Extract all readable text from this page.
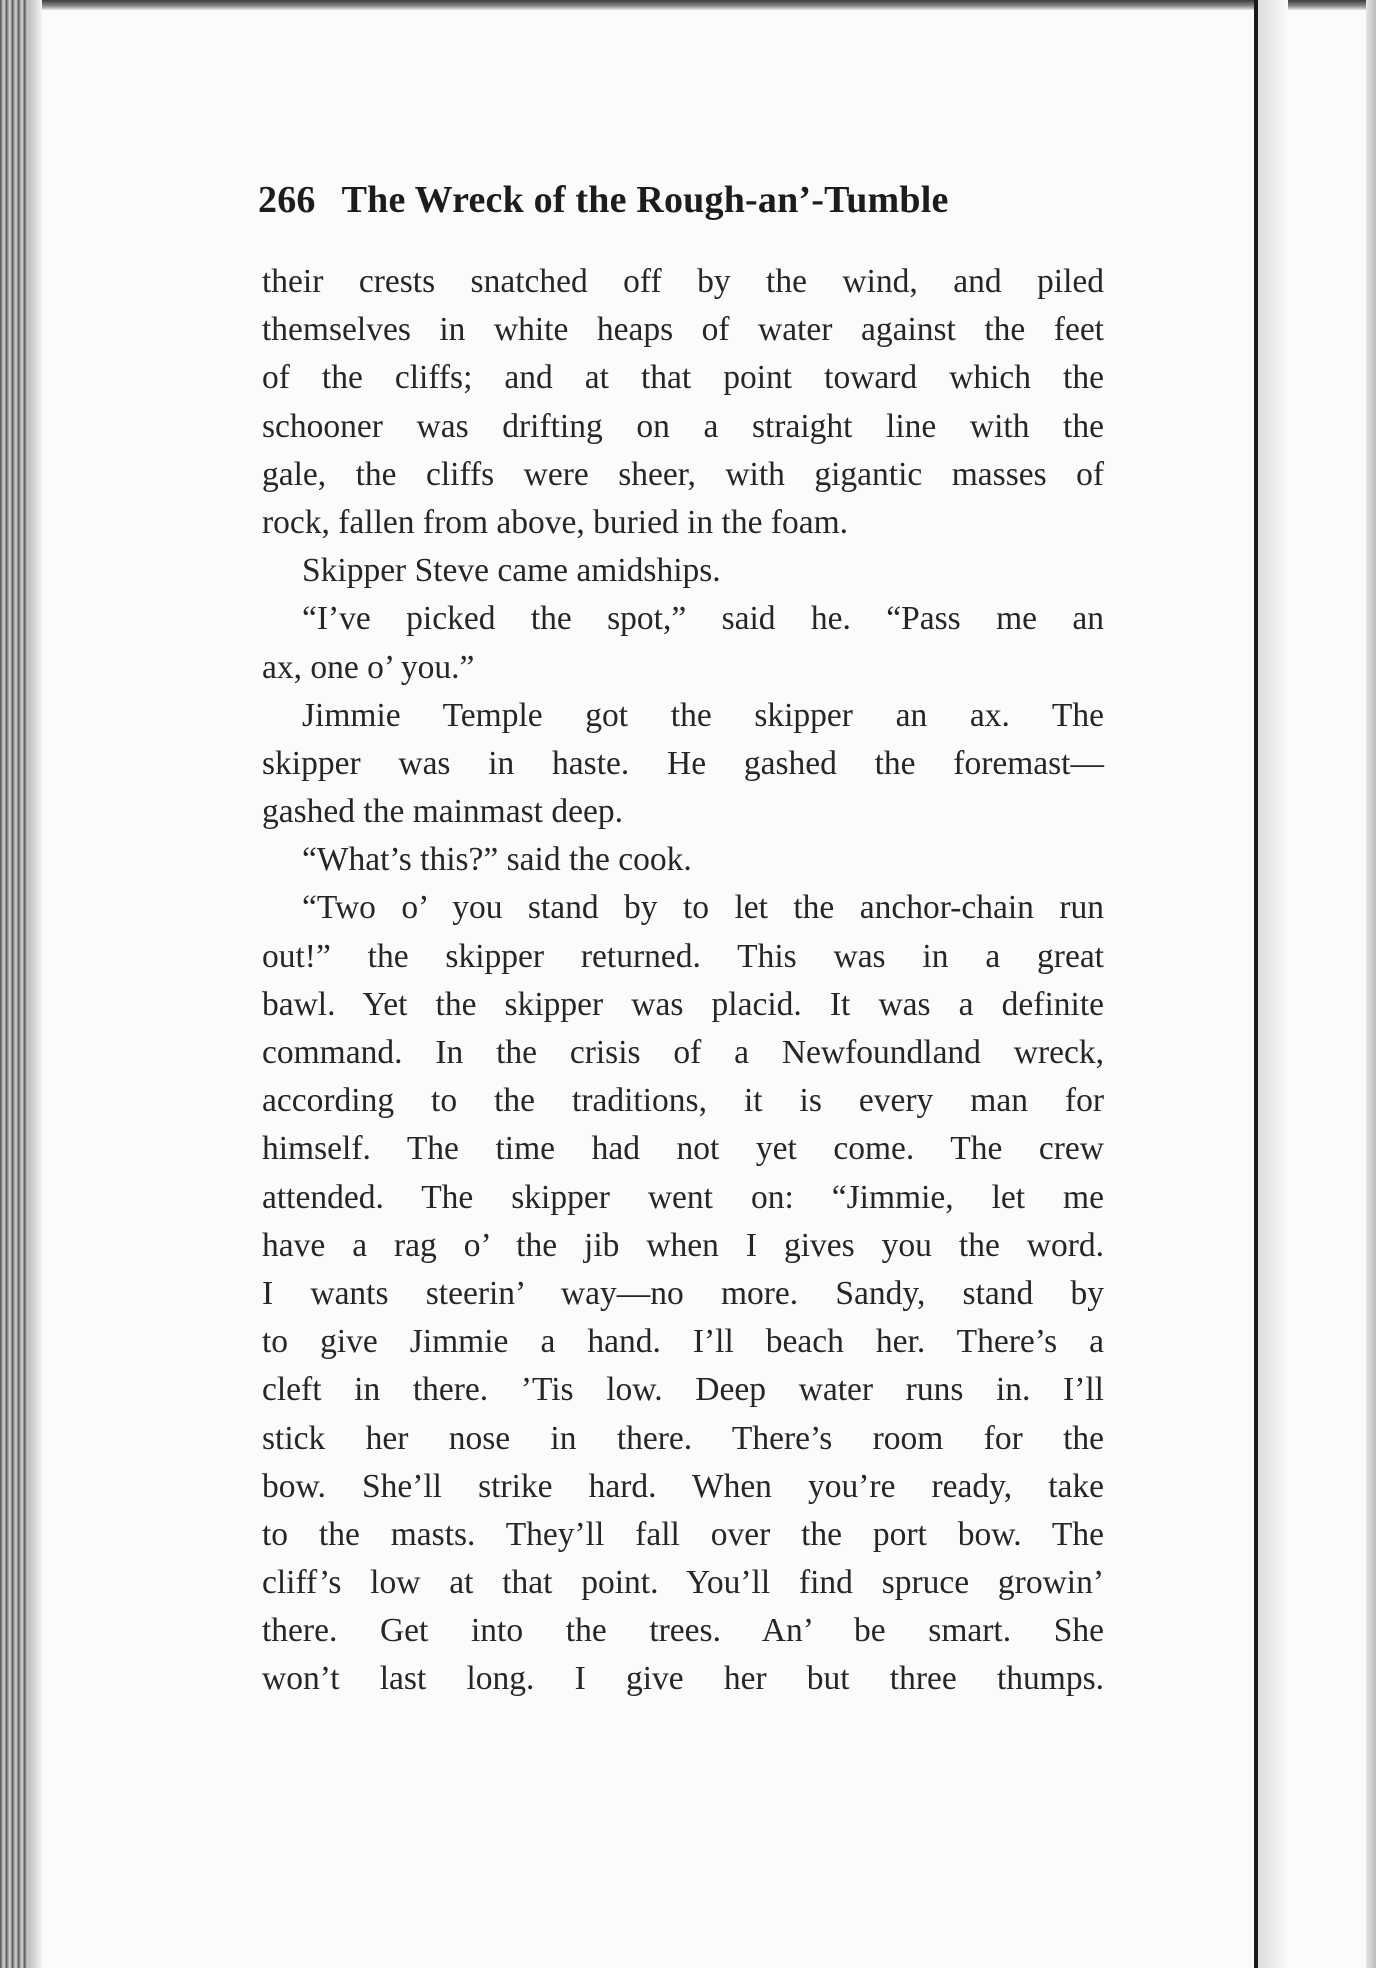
266 The Wreck of the Rough-an’-Tumble
their crests snatched off by the wind, and piled
themselves in white heaps of water against the feet
of the cliffs; and at that point toward which the
schooner was drifting on a straight line with the
gale, the cliffs were sheer, with gigantic masses of
rock, fallen from above, buried in the foam.
Skipper Steve came amidships.
“I’ve picked the spot,” said he. “Pass me an
ax, one o’ you.”
Jimmie Temple got the skipper an ax. The
skipper was in haste. He gashed the foremast—
gashed the mainmast deep.
“What’s this?” said the cook.
“Two o’ you stand by to let the anchor-chain run
out!” the skipper returned. This was in a great
bawl. Yet the skipper was placid. It was a definite
command. In the crisis of a Newfoundland wreck,
according to the traditions, it is every man for
himself. The time had not yet come. The crew
attended. The skipper went on: “Jimmie, let me
have a rag o’ the jib when I gives you the word.
I wants steerin’ way—no more. Sandy, stand by
to give Jimmie a hand. I’ll beach her. There’s a
cleft in there. ’Tis low. Deep water runs in. I’ll
stick her nose in there. There’s room for the
bow. She’ll strike hard. When you’re ready, take
to the masts. They’ll fall over the port bow. The
cliff’s low at that point. You’ll find spruce growin’
there. Get into the trees. An’ be smart. She
won’t last long. I give her but three thumps.
